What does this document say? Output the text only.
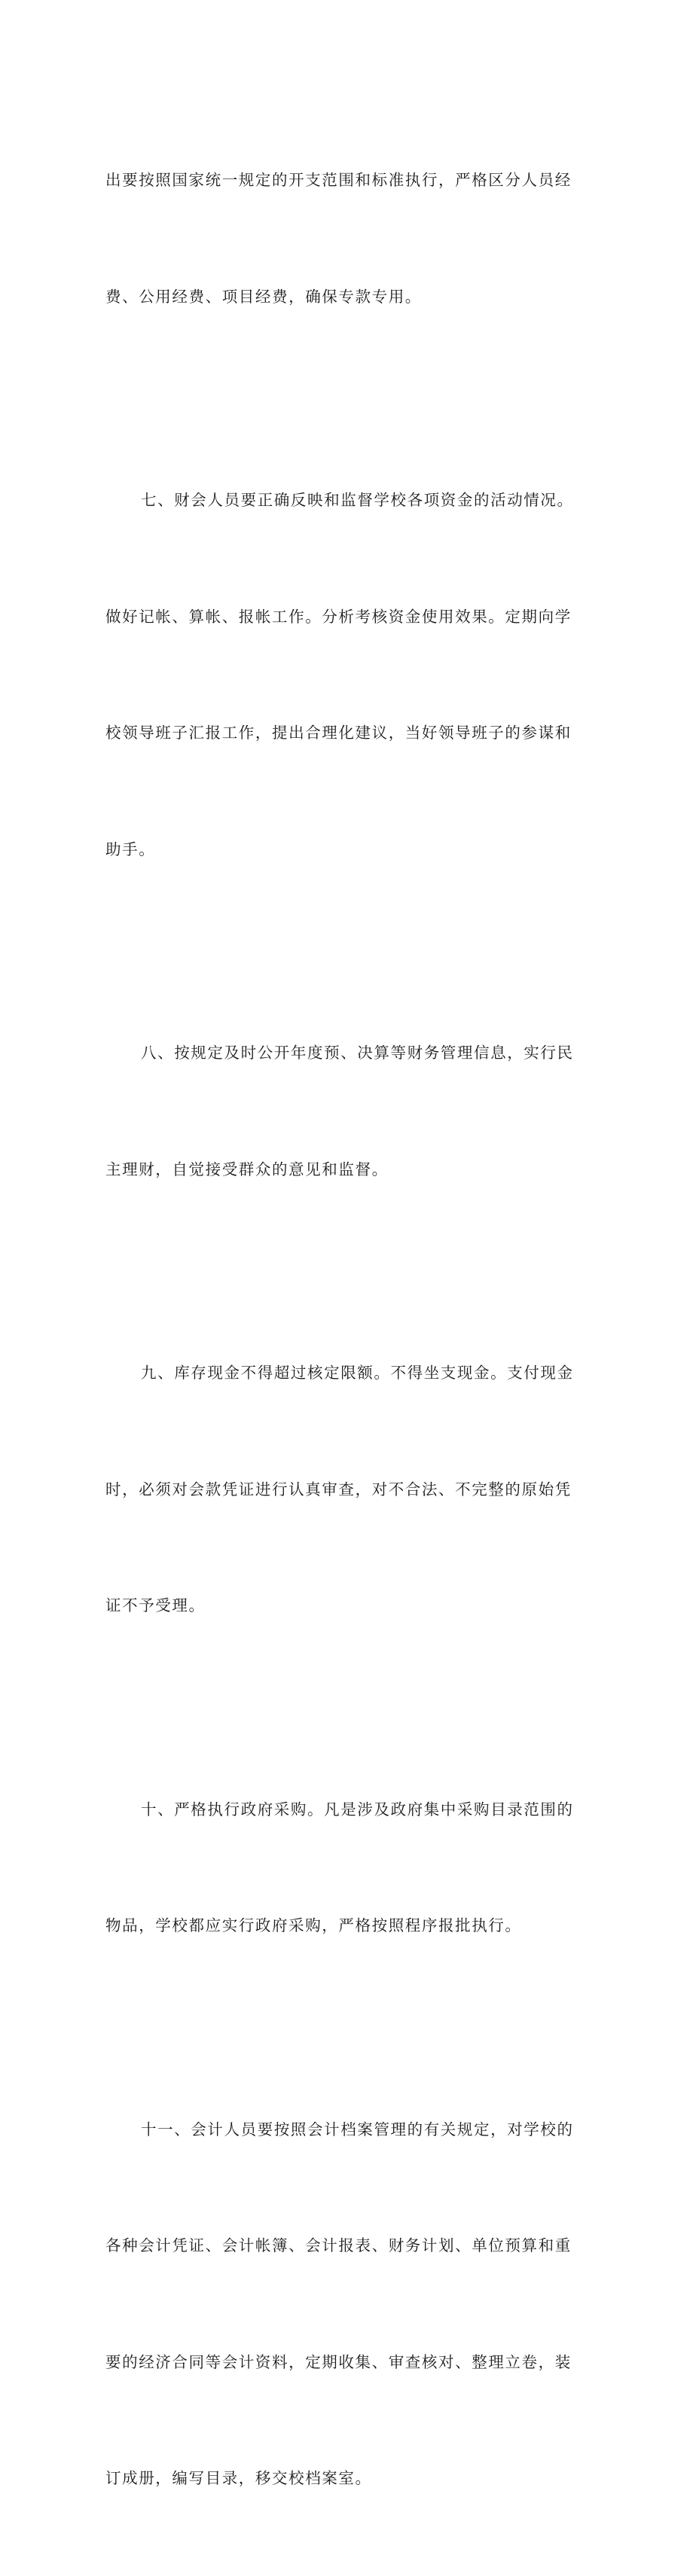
出要按照国家统一规定的开支范围和标准执行，严格区分人员经

费、公用经费、项目经费，确保专款专用。

七、财会人员要正确反映和监督学校各项资金的活动情况。

做好记帐、算帐、报帐工作。分析考核资金使用效果。定期向学

校领导班子汇报工作，提出合理化建议，当好领导班子的参谋和

助手。

八、按规定及时公开年度预、决算等财务管理信息，实行民

主理财，自觉接受群众的意见和监督。

九、库存现金不得超过核定限额。不得坐支现金。支付现金

时，必须对会款凭证进行认真审查，对不合法、不完整的原始凭

证不予受理。

十、严格执行政府采购。凡是涉及政府集中采购目录范围的

物品，学校都应实行政府采购，严格按照程序报批执行。

十一、会计人员要按照会计档案管理的有关规定，对学校的

各种会计凭证、会计帐簿、会计报表、财务计划、单位预算和重

要的经济合同等会计资料，定期收集、审查核对、整理立卷，装

订成册，编写目录，移交校档案室。
